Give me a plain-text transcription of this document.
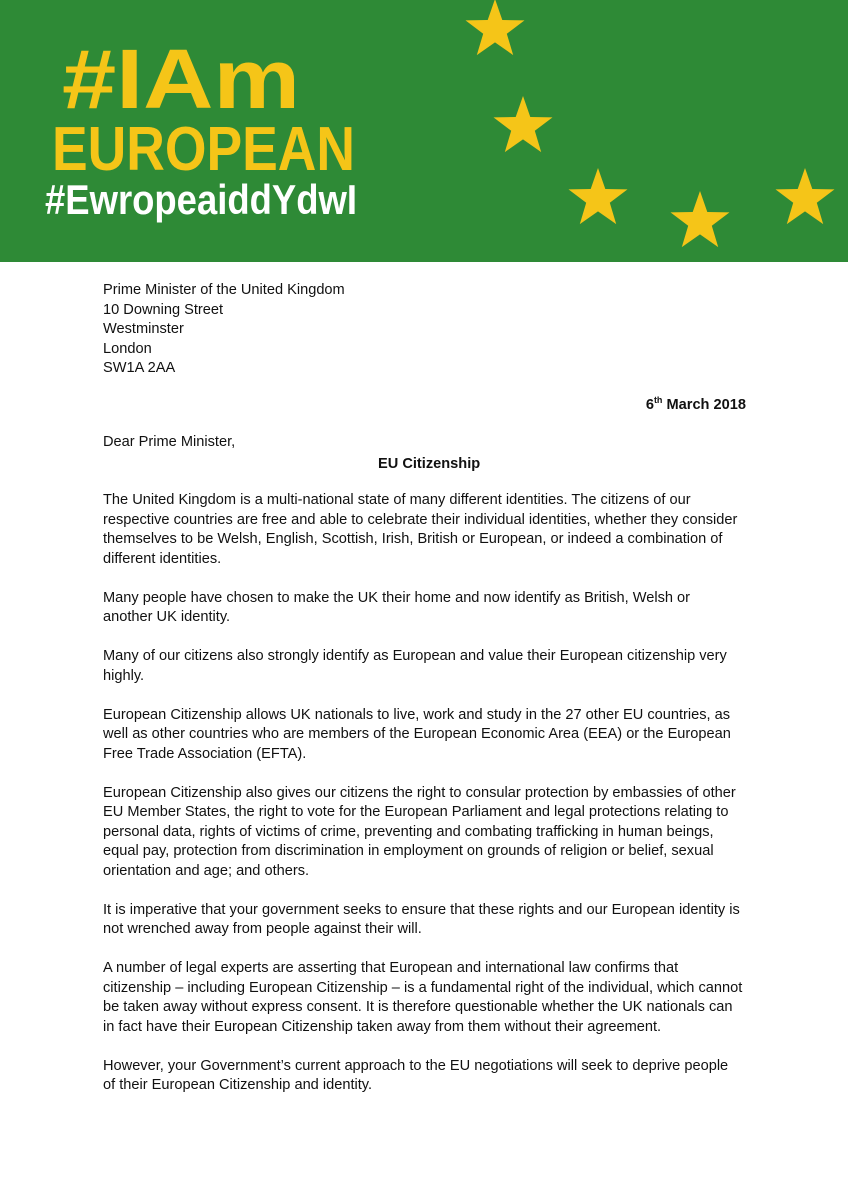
#IAm
EUROPEAN
#EwropeaiddYdwI
Prime Minister of the United Kingdom
10 Downing Street
Westminster
London
SW1A 2AA
6th March 2018
Dear Prime Minister,
EU Citizenship

The United Kingdom is a multi-national state of many different identities. The citizens of our respective countries are free and able to celebrate their individual identities, whether they consider themselves to be Welsh, English, Scottish, Irish, British or European, or indeed a combination of different identities.

Many people have chosen to make the UK their home and now identify as British, Welsh or another UK identity.

Many of our citizens also strongly identify as European and value their European citizenship very highly.

European Citizenship allows UK nationals to live, work and study in the 27 other EU countries, as well as other countries who are members of the European Economic Area (EEA) or the European Free Trade Association (EFTA).

European Citizenship also gives our citizens the right to consular protection by embassies of other EU Member States, the right to vote for the European Parliament and legal protections relating to personal data, rights of victims of crime, preventing and combating trafficking in human beings, equal pay, protection from discrimination in employment on grounds of religion or belief, sexual orientation and age; and others.

It is imperative that your government seeks to ensure that these rights and our European identity is not wrenched away from people against their will.

A number of legal experts are asserting that European and international law confirms that citizenship – including European Citizenship – is a fundamental right of the individual, which cannot be taken away without express consent. It is therefore questionable whether the UK nationals can in fact have their European Citizenship taken away from them without their agreement.

However, your Government’s current approach to the EU negotiations will seek to deprive people of their European Citizenship and identity.
